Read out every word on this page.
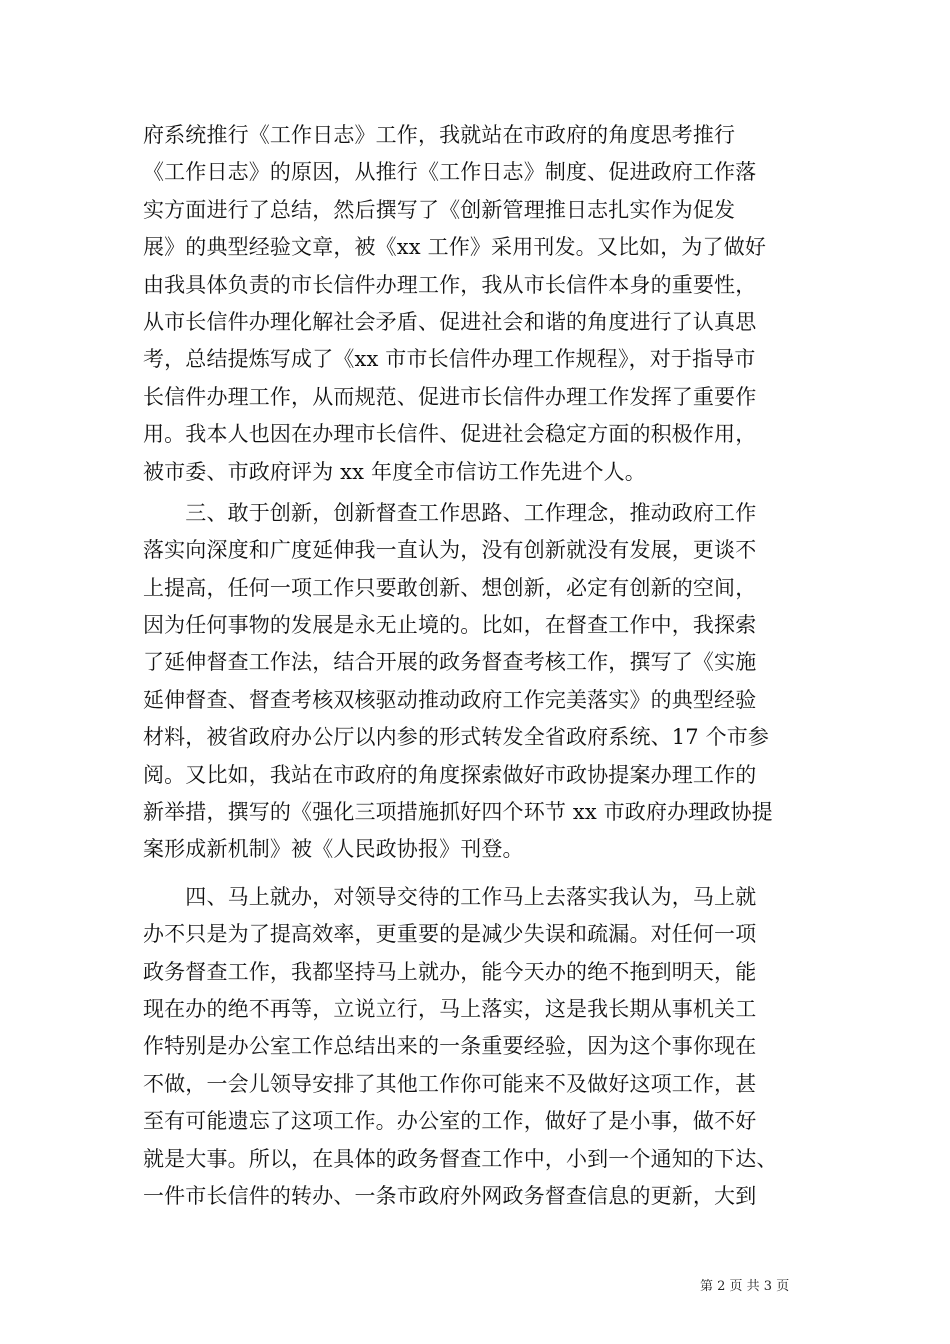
府系统推行《工作日志》工作，我就站在市政府的角度思考推行
《工作日志》的原因，从推行《工作日志》制度、促进政府工作落
实方面进行了总结，然后撰写了《创新管理推日志扎实作为促发
展》的典型经验文章，被《xx 工作》采用刊发。又比如，为了做好
由我具体负责的市长信件办理工作，我从市长信件本身的重要性，
从市长信件办理化解社会矛盾、促进社会和谐的角度进行了认真思
考，总结提炼写成了《xx 市市长信件办理工作规程》，对于指导市
长信件办理工作，从而规范、促进市长信件办理工作发挥了重要作
用。我本人也因在办理市长信件、促进社会稳定方面的积极作用，
被市委、市政府评为 xx 年度全市信访工作先进个人。
　　三、敢于创新，创新督查工作思路、工作理念，推动政府工作
落实向深度和广度延伸我一直认为，没有创新就没有发展，更谈不
上提高，任何一项工作只要敢创新、想创新，必定有创新的空间，
因为任何事物的发展是永无止境的。比如，在督查工作中，我探索
了延伸督查工作法，结合开展的政务督查考核工作，撰写了《实施
延伸督查、督查考核双核驱动推动政府工作完美落实》的典型经验
材料，被省政府办公厅以内参的形式转发全省政府系统、17 个市参
阅。又比如，我站在市政府的角度探索做好市政协提案办理工作的
新举措，撰写的《强化三项措施抓好四个环节 xx 市政府办理政协提
案形成新机制》被《人民政协报》刊登。
　　四、马上就办，对领导交待的工作马上去落实我认为，马上就
办不只是为了提高效率，更重要的是减少失误和疏漏。对任何一项
政务督查工作，我都坚持马上就办，能今天办的绝不拖到明天，能
现在办的绝不再等，立说立行，马上落实，这是我长期从事机关工
作特别是办公室工作总结出来的一条重要经验，因为这个事你现在
不做，一会儿领导安排了其他工作你可能来不及做好这项工作，甚
至有可能遗忘了这项工作。办公室的工作，做好了是小事，做不好
就是大事。所以，在具体的政务督查工作中，小到一个通知的下达、
一件市长信件的转办、一条市政府外网政务督查信息的更新，大到
第 2 页 共 3 页
